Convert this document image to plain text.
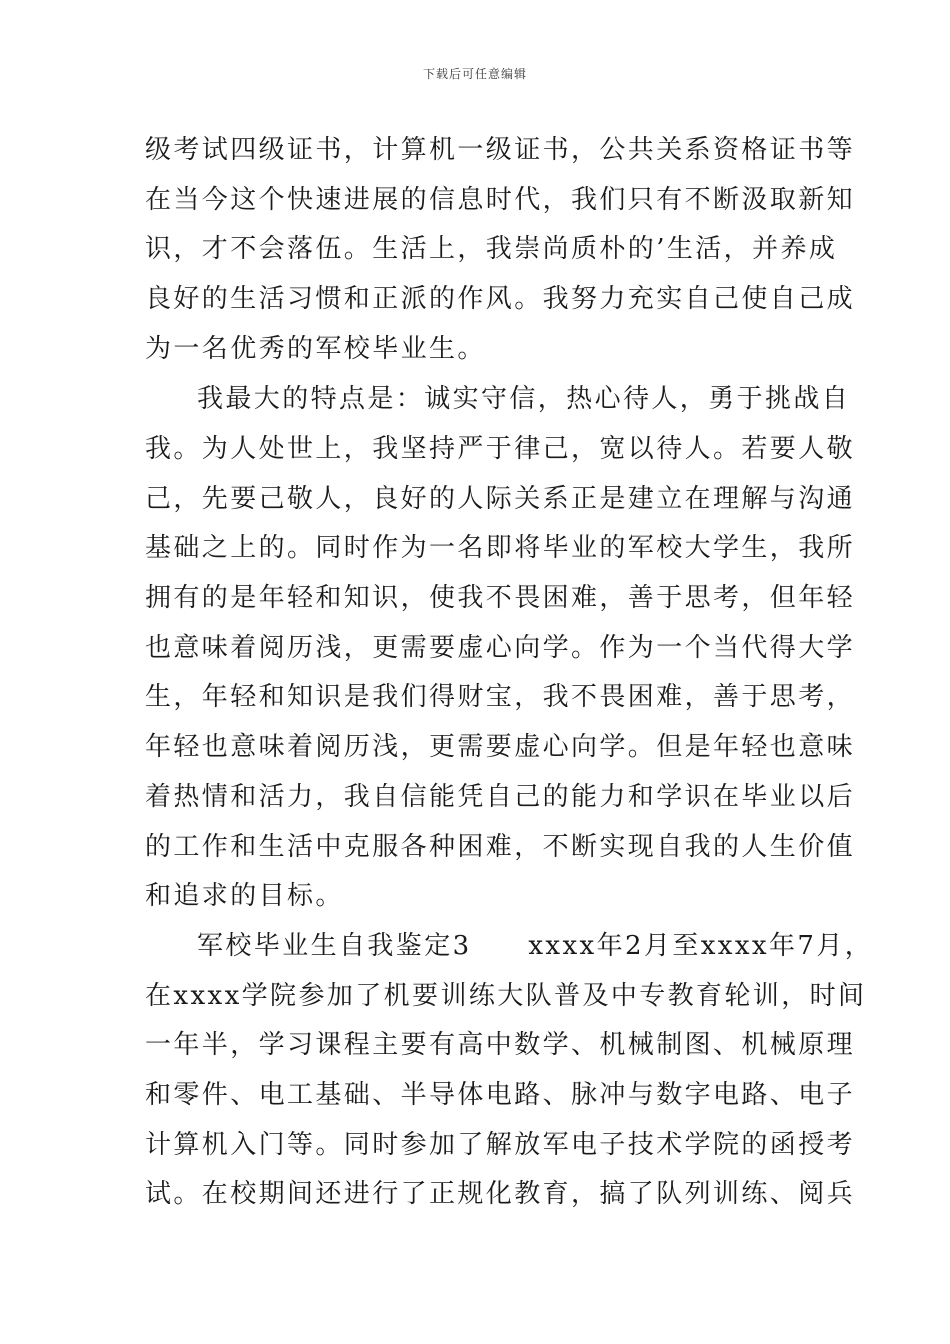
下载后可任意编辑
级考试四级证书，计算机一级证书，公共关系资格证书等
在当今这个快速进展的信息时代，我们只有不断汲取新知
识，才不会落伍。生活上，我崇尚质朴的’生活，并养成
良好的生活习惯和正派的作风。我努力充实自己使自己成
为一名优秀的军校毕业生。
我最大的特点是：诚实守信，热心待人，勇于挑战自
我。为人处世上，我坚持严于律己，宽以待人。若要人敬
己，先要己敬人，良好的人际关系正是建立在理解与沟通
基础之上的。同时作为一名即将毕业的军校大学生，我所
拥有的是年轻和知识，使我不畏困难，善于思考，但年轻
也意味着阅历浅，更需要虚心向学。作为一个当代得大学
生，年轻和知识是我们得财宝，我不畏困难，善于思考，
年轻也意味着阅历浅，更需要虚心向学。但是年轻也意味
着热情和活力，我自信能凭自己的能力和学识在毕业以后
的工作和生活中克服各种困难，不断实现自我的人生价值
和追求的目标。
军校毕业生自我鉴定3　　xxxx年2月至xxxx年7月，
在xxxx学院参加了机要训练大队普及中专教育轮训，时间
一年半，学习课程主要有高中数学、机械制图、机械原理
和零件、电工基础、半导体电路、脉冲与数字电路、电子
计算机入门等。同时参加了解放军电子技术学院的函授考
试。在校期间还进行了正规化教育，搞了队列训练、阅兵
